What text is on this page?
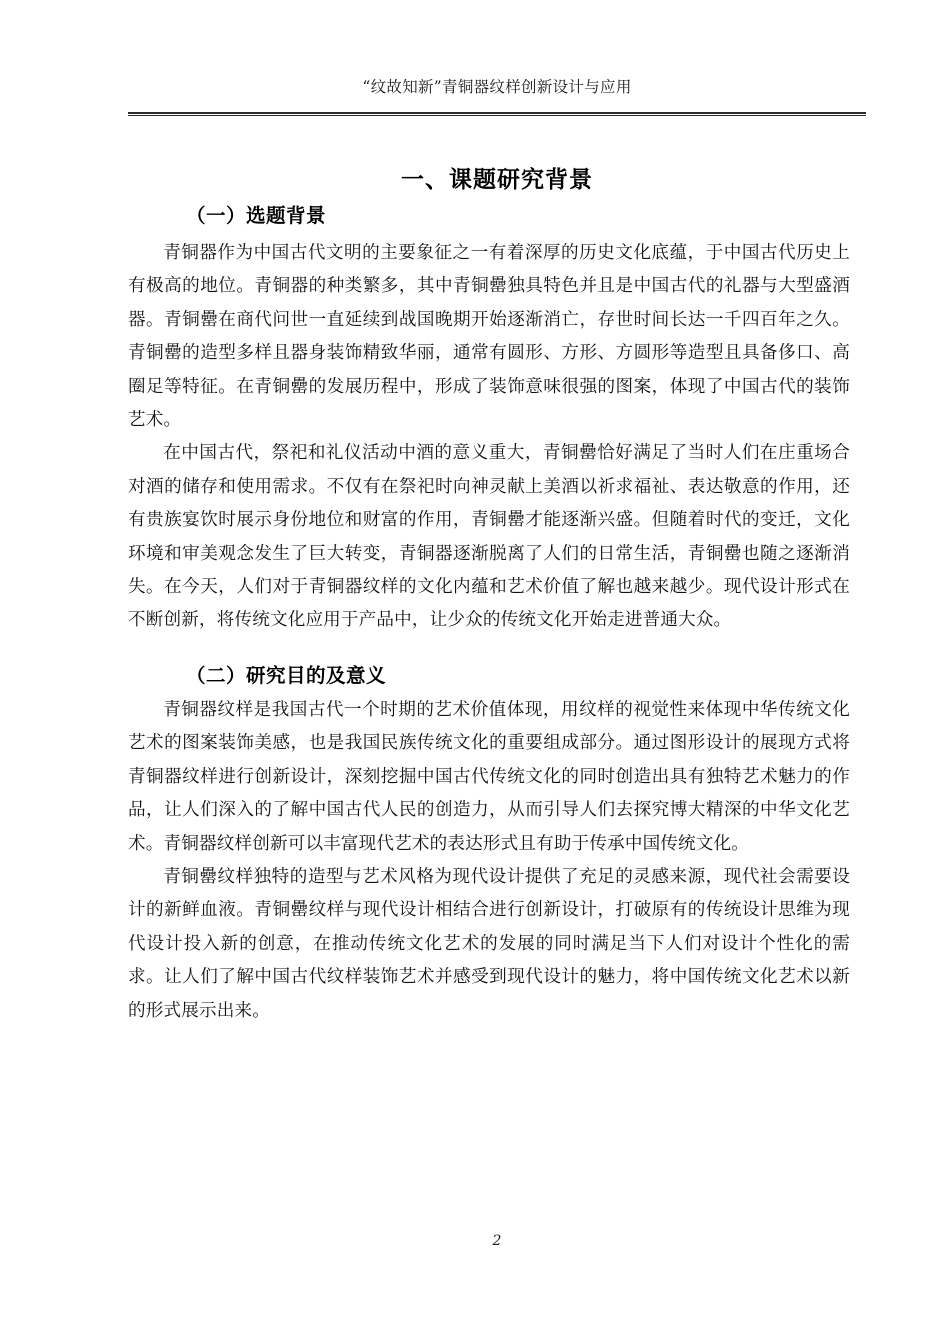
“纹故知新”青铜器纹样创新设计与应用
一、课题研究背景
（一）选题背景

青铜器作为中国古代文明的主要象征之一有着深厚的历史文化底蕴，于中国古代历史上有极高的地位。青铜器的种类繁多，其中青铜罍独具特色并且是中国古代的礼器与大型盛酒器。青铜罍在商代问世一直延续到战国晚期开始逐渐消亡，存世时间长达一千四百年之久。青铜罍的造型多样且器身装饰精致华丽，通常有圆形、方形、方圆形等造型且具备侈口、高圈足等特征。在青铜罍的发展历程中，形成了装饰意味很强的图案，体现了中国古代的装饰艺术。

在中国古代，祭祀和礼仪活动中酒的意义重大，青铜罍恰好满足了当时人们在庄重场合对酒的储存和使用需求。不仅有在祭祀时向神灵献上美酒以祈求福祉、表达敬意的作用，还有贵族宴饮时展示身份地位和财富的作用，青铜罍才能逐渐兴盛。但随着时代的变迁，文化环境和审美观念发生了巨大转变，青铜器逐渐脱离了人们的日常生活，青铜罍也随之逐渐消失。在今天，人们对于青铜器纹样的文化内蕴和艺术价值了解也越来越少。现代设计形式在不断创新，将传统文化应用于产品中，让少众的传统文化开始走进普通大众。

（二）研究目的及意义

青铜器纹样是我国古代一个时期的艺术价值体现，用纹样的视觉性来体现中华传统文化艺术的图案装饰美感，也是我国民族传统文化的重要组成部分。通过图形设计的展现方式将青铜器纹样进行创新设计，深刻挖掘中国古代传统文化的同时创造出具有独特艺术魅力的作品，让人们深入的了解中国古代人民的创造力，从而引导人们去探究博大精深的中华文化艺术。青铜器纹样创新可以丰富现代艺术的表达形式且有助于传承中国传统文化。

青铜罍纹样独特的造型与艺术风格为现代设计提供了充足的灵感来源，现代社会需要设计的新鲜血液。青铜罍纹样与现代设计相结合进行创新设计，打破原有的传统设计思维为现代设计投入新的创意，在推动传统文化艺术的发展的同时满足当下人们对设计个性化的需求。让人们了解中国古代纹样装饰艺术并感受到现代设计的魅力，将中国传统文化艺术以新的形式展示出来。

2
